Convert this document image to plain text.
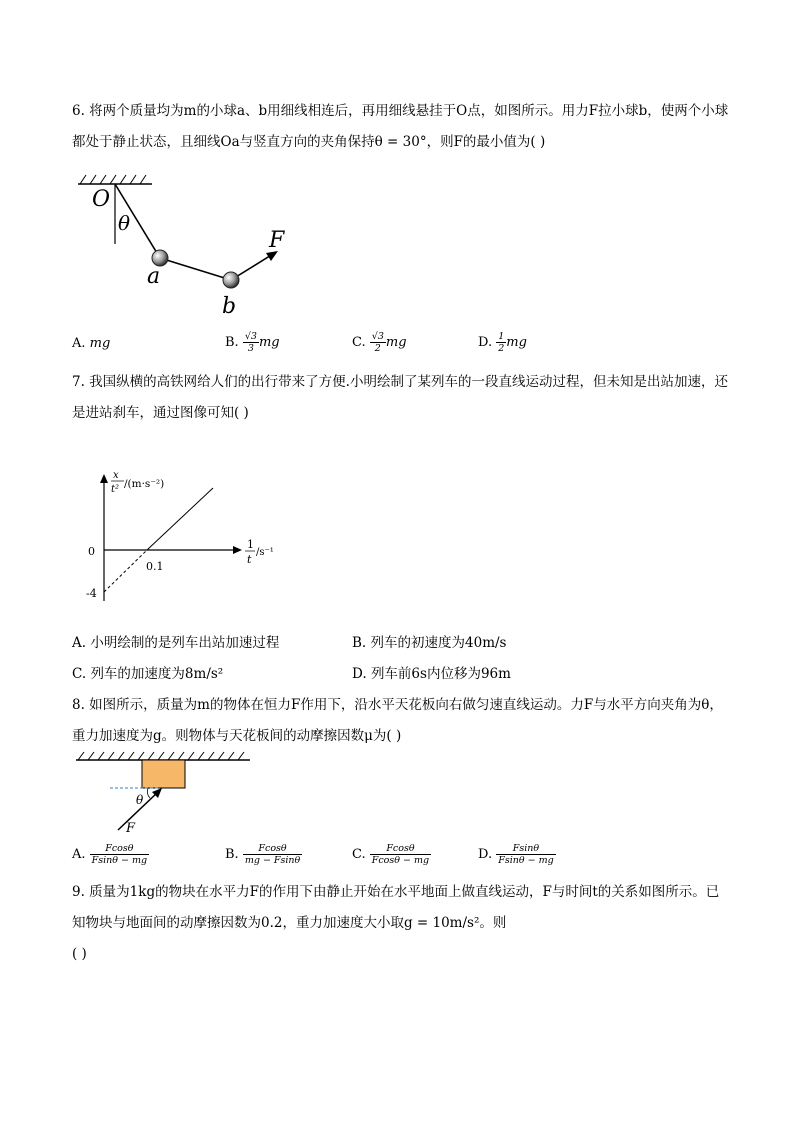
6. 将两个质量均为m的小球a、b用细线相连后，再用细线悬挂于O点，如图所示。用力F拉小球b，使两个小球都处于静止状态，且细线Oa与竖直方向的夹角保持θ = 30°，则F的最小值为( )
O
θ
a
b
F
A. mg	B. $\frac{√3}{3}$ mg	C. $\frac{√3}{2}$ mg	D. $\frac{1}{2}$ mg
7. 我国纵横的高铁网给人们的出行带来了方便.小明绘制了某列车的一段直线运动过程，但未知是出站加速，还是进站刹车，通过图像可知( )
x
t² /(m·s⁻²)
1
t
/s⁻¹
0
0.1
-4
A. 小明绘制的是列车出站加速过程	B. 列车的初速度为40m/s
C. 列车的加速度为8m/s²	D. 列车前6s内位移为96m
8. 如图所示，质量为m的物体在恒力F作用下，沿水平天花板向右做匀速直线运动。力F与水平方向夹角为θ，重力加速度为g。则物体与天花板间的动摩擦因数μ为( )
θ
F
A. $\frac{Fcos\theta}{Fsin\theta - mg}$	B. $\frac{Fcos\theta}{mg - Fsin\theta}$	C. $\frac{Fcos\theta}{Fcos\theta - mg}$	D. $\frac{Fsin\theta}{Fsin\theta - mg}$
9. 质量为1kg的物块在水平力F的作用下由静止开始在水平地面上做直线运动，F与时间t的关系如图所示。已知物块与地面间的动摩擦因数为0.2，重力加速度大小取g = 10m/s²。则
( )
